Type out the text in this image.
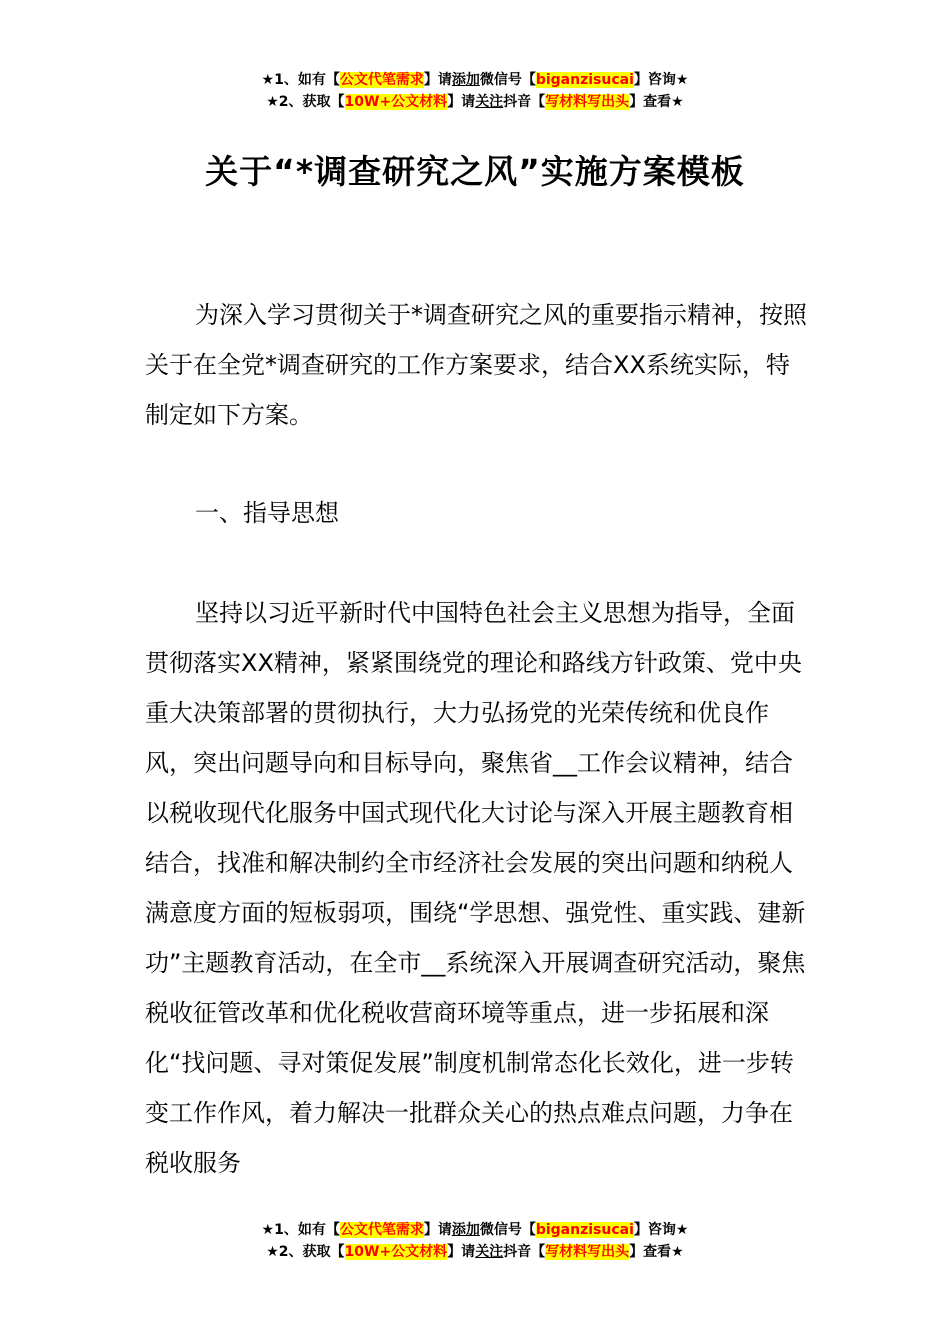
★1、如有【公文代笔需求】请添加微信号【biganzisucai】咨询★
★2、获取【10W+公文材料】请关注抖音【写材料写出头】查看★
关于“*调查研究之风”实施方案模板

为深入学习贯彻关于*调查研究之风的重要指示精神，按照关于在全党*调查研究的工作方案要求，结合XX系统实际，特制定如下方案。

一、指导思想

坚持以习近平新时代中国特色社会主义思想为指导，全面贯彻落实XX精神，紧紧围绕党的理论和路线方针政策、党中央重大决策部署的贯彻执行，大力弘扬党的光荣传统和优良作风，突出问题导向和目标导向，聚焦省__工作会议精神，结合以税收现代化服务中国式现代化大讨论与深入开展主题教育相结合，找准和解决制约全市经济社会发展的突出问题和纳税人满意度方面的短板弱项，围绕“学思想、强党性、重实践、建新功”主题教育活动，在全市__系统深入开展调查研究活动，聚焦税收征管改革和优化税收营商环境等重点，进一步拓展和深化“找问题、寻对策促发展”制度机制常态化长效化，进一步转变工作作风，着力解决一批群众关心的热点难点问题，力争在税收服务

★1、如有【公文代笔需求】请添加微信号【biganzisucai】咨询★
★2、获取【10W+公文材料】请关注抖音【写材料写出头】查看★
